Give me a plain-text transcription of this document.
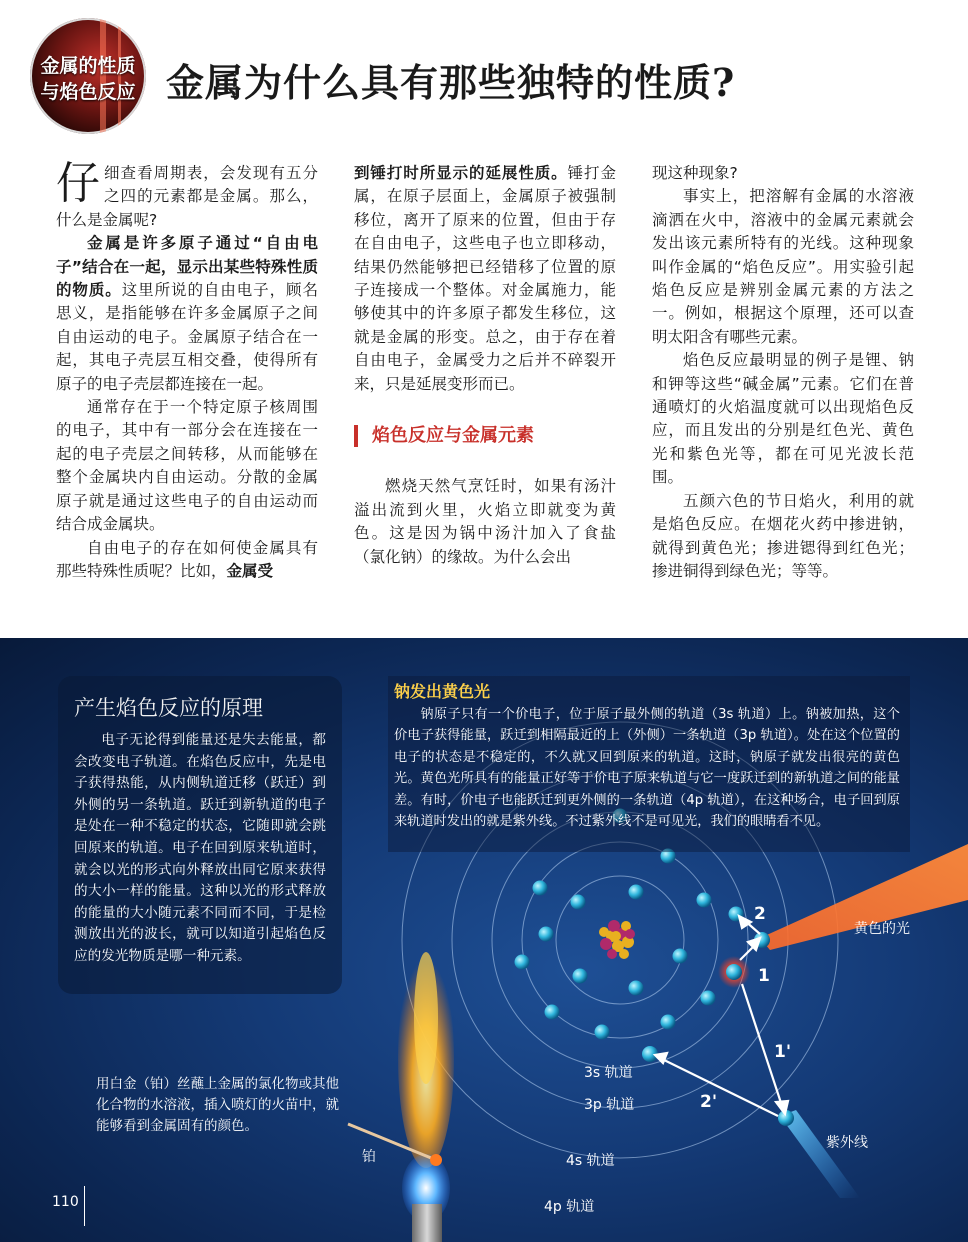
金属的性质
与焰色反应 金属为什么具有那些独特的性质?

仔细查看周期表，会发现有五分之四的元素都是金属。那么，什么是金属呢?

金属是许多原子通过“自由电子”结合在一起，显示出某些特殊性质的物质。这里所说的自由电子，顾名思义，是指能够在许多金属原子之间自由运动的电子。金属原子结合在一起，其电子壳层互相交叠，使得所有原子的电子壳层都连接在一起。

通常存在于一个特定原子核周围的电子，其中有一部分会在连接在一起的电子壳层之间转移，从而能够在整个金属块内自由运动。分散的金属原子就是通过这些电子的自由运动而结合成金属块。

自由电子的存在如何使金属具有那些特殊性质呢？比如，金属受

到锤打时所显示的延展性质。锤打金属，在原子层面上，金属原子被强制移位，离开了原来的位置，但由于存在自由电子，这些电子也立即移动，结果仍然能够把已经错移了位置的原子连接成一个整体。对金属施力，能够使其中的许多原子都发生移位，这就是金属的形变。总之，由于存在着自由电子，金属受力之后并不碎裂开来，只是延展变形而已。

焰色反应与金属元素

燃烧天然气烹饪时，如果有汤汁溢出流到火里，火焰立即就变为黄色。这是因为锅中汤汁加入了食盐（氯化钠）的缘故。为什么会出

现这种现象?

事实上，把溶解有金属的水溶液滴洒在火中，溶液中的金属元素就会发出该元素所特有的光线。这种现象叫作金属的“焰色反应”。用实验引起焰色反应是辨别金属元素的方法之一。例如，根据这个原理，还可以查明太阳含有哪些元素。

焰色反应最明显的例子是锂、钠和钾等这些“碱金属”元素。它们在普通喷灯的火焰温度就可以出现焰色反应，而且发出的分别是红色光、黄色光和紫色光等，都在可见光波长范围。

五颜六色的节日焰火，利用的就是焰色反应。在烟花火药中掺进钠，就得到黄色光；掺进锶得到红色光；掺进铜得到绿色光；等等。

产生焰色反应的原理
电子无论得到能量还是失去能量，都会改变电子轨道。在焰色反应中，先是电子获得热能，从内侧轨道迁移（跃迁）到外侧的另一条轨道。跃迁到新轨道的电子是处在一种不稳定的状态，它随即就会跳回原来的轨道。电子在回到原来轨道时，就会以光的形式向外释放出同它原来获得的大小一样的能量。这种以光的形式释放的能量的大小随元素不同而不同，于是检测放出光的波长，就可以知道引起焰色反应的发光物质是哪一种元素。
钠发出黄色光
钠原子只有一个价电子，位于原子最外侧的轨道（3s 轨道）上。钠被加热，这个价电子获得能量，跃迁到相隔最近的上（外侧）一条轨道（3p 轨道）。处在这个位置的电子的状态是不稳定的，不久就又回到原来的轨道。这时，钠原子就发出很亮的黄色光。黄色光所具有的能量正好等于价电子原来轨道与它一度跃迁到的新轨道之间的能量差。有时，价电子也能跃迁到更外侧的一条轨道（4p 轨道），在这种场合，电子回到原来轨道时发出的就是紫外线。不过紫外线不是可见光，我们的眼睛看不见。
黄色的光
紫外线
3s 轨道
3p 轨道
4s 轨道
4p 轨道
铂
1
2
1'
2'
用白金（铂）丝蘸上金属的氯化物或其他化合物的水溶液，插入喷灯的火苗中，就能够看到金属固有的颜色。
110
